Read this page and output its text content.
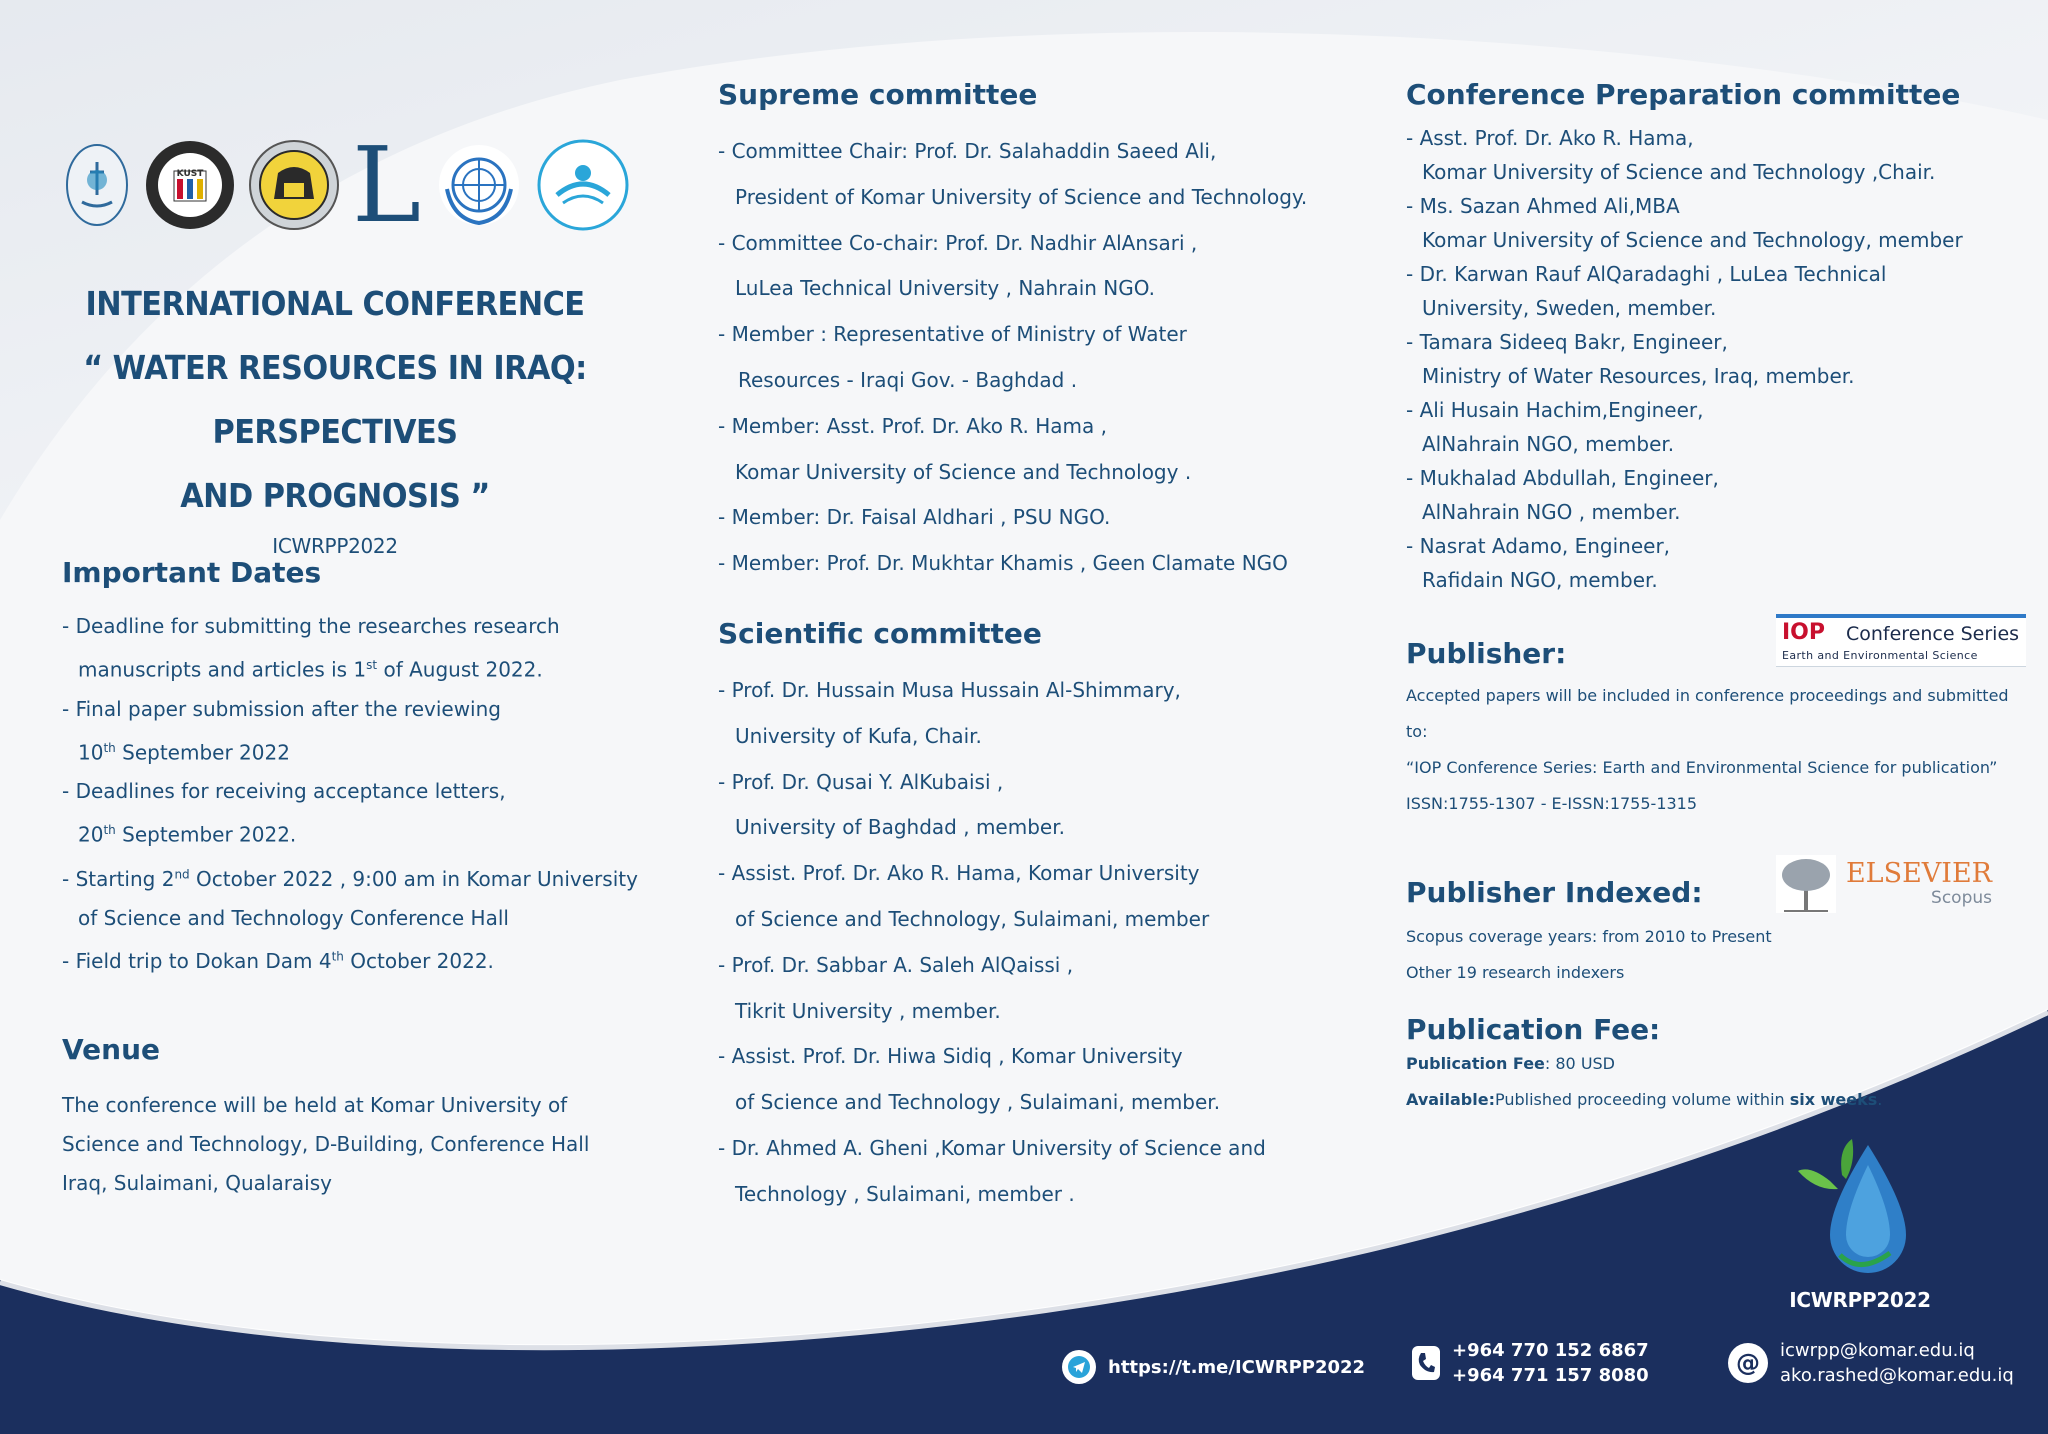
KUST L
INTERNATIONAL CONFERENCE
“ WATER RESOURCES IN IRAQ: PERSPECTIVES
AND PROGNOSIS ”
ICWRPP2022
Important Dates
- Deadline for submitting the researches research
manuscripts and articles is 1st of August 2022.
- Final paper submission after the reviewing
10th September 2022
- Deadlines for receiving acceptance letters,
20th September 2022.
- Starting 2nd October 2022 , 9:00 am in Komar University
of Science and Technology Conference Hall
- Field trip to Dokan Dam 4th October 2022.
Venue

The conference will be held at Komar University of
Science and Technology, D-Building, Conference Hall
Iraq, Sulaimani, Qualaraisy

Supreme committee
- Committee Chair: Prof. Dr. Salahaddin Saeed Ali,
President of Komar University of Science and Technology.
- Committee Co-chair: Prof. Dr. Nadhir AlAnsari ,
LuLea Technical University , Nahrain NGO.
- Member : Representative of Ministry of Water
Resources - Iraqi Gov. - Baghdad .
- Member: Asst. Prof. Dr. Ako R. Hama ,
Komar University of Science and Technology .
- Member: Dr. Faisal Aldhari , PSU NGO.
- Member: Prof. Dr. Mukhtar Khamis , Geen Clamate NGO
Scientific committee
- Prof. Dr. Hussain Musa Hussain Al-Shimmary,
University of Kufa, Chair.
- Prof. Dr. Qusai Y. AlKubaisi ,
University of Baghdad , member.
- Assist. Prof. Dr. Ako R. Hama, Komar University
of Science and Technology, Sulaimani, member
- Prof. Dr. Sabbar A. Saleh AlQaissi ,
Tikrit University , member.
- Assist. Prof. Dr. Hiwa Sidiq , Komar University
of Science and Technology , Sulaimani, member.
- Dr. Ahmed A. Gheni ,Komar University of Science and
Technology , Sulaimani, member .
Conference Preparation committee
- Asst. Prof. Dr. Ako R. Hama,
Komar University of Science and Technology ,Chair.
- Ms. Sazan Ahmed Ali,MBA
Komar University of Science and Technology, member
- Dr. Karwan Rauf AlQaradaghi , LuLea Technical
University, Sweden, member.
- Tamara Sideeq Bakr, Engineer,
Ministry of Water Resources, Iraq, member.
- Ali Husain Hachim,Engineer,
AlNahrain NGO, member.
- Mukhalad Abdullah, Engineer,
AlNahrain NGO , member.
- Nasrat Adamo, Engineer,
Rafidain NGO, member.
Publisher:
IOP Conference Series
Earth and Environmental Science

Accepted papers will be included in conference proceedings and submitted to:

“IOP Conference Series: Earth and Environmental Science for publication”

ISSN:1755-1307 - E-ISSN:1755-1315

Publisher Indexed:
ELSEVIER
Scopus

Scopus coverage years: from 2010 to Present

Other 19 research indexers

Publication Fee:

Publication Fee: 80 USD

Available:Published proceeding volume within six weeks.

ICWRPP2022
https://t.me/ICWRPP2022
+964 770 152 6867
+964 771 157 8080	@	icwrpp@komar.edu.iq
ako.rashed@komar.edu.iq
